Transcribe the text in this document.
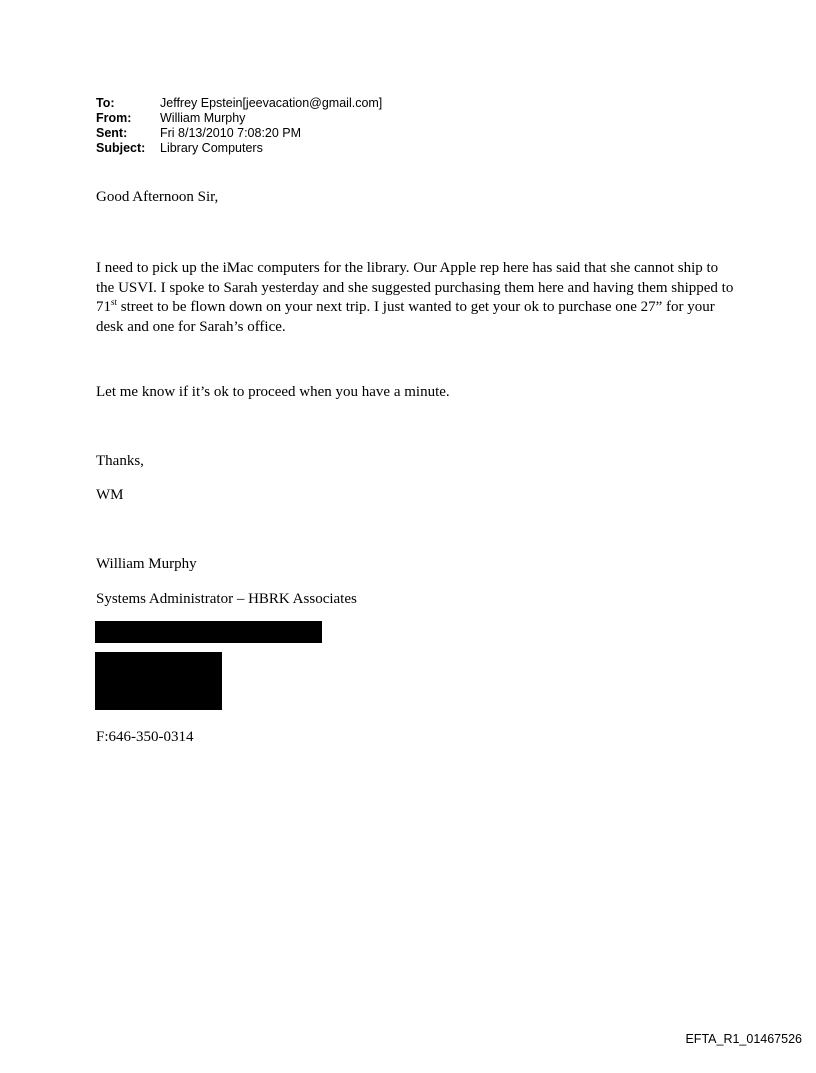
To:	Jeffrey Epstein[jeevacation@gmail.com]
From:	William Murphy
Sent:	Fri 8/13/2010 7:08:20 PM
Subject:	Library Computers
Good Afternoon Sir,

I need to pick up the iMac computers for the library. Our Apple rep here has said that she cannot ship to the USVI. I spoke to Sarah yesterday and she suggested purchasing them here and having them shipped to 71st street to be flown down on your next trip. I just wanted to get your ok to purchase one 27” for your desk and one for Sarah’s office.

Let me know if it’s ok to proceed when you have a minute.
Thanks,
WM
William Murphy
Systems Administrator – HBRK Associates
F:646-350-0314
EFTA_R1_01467526
